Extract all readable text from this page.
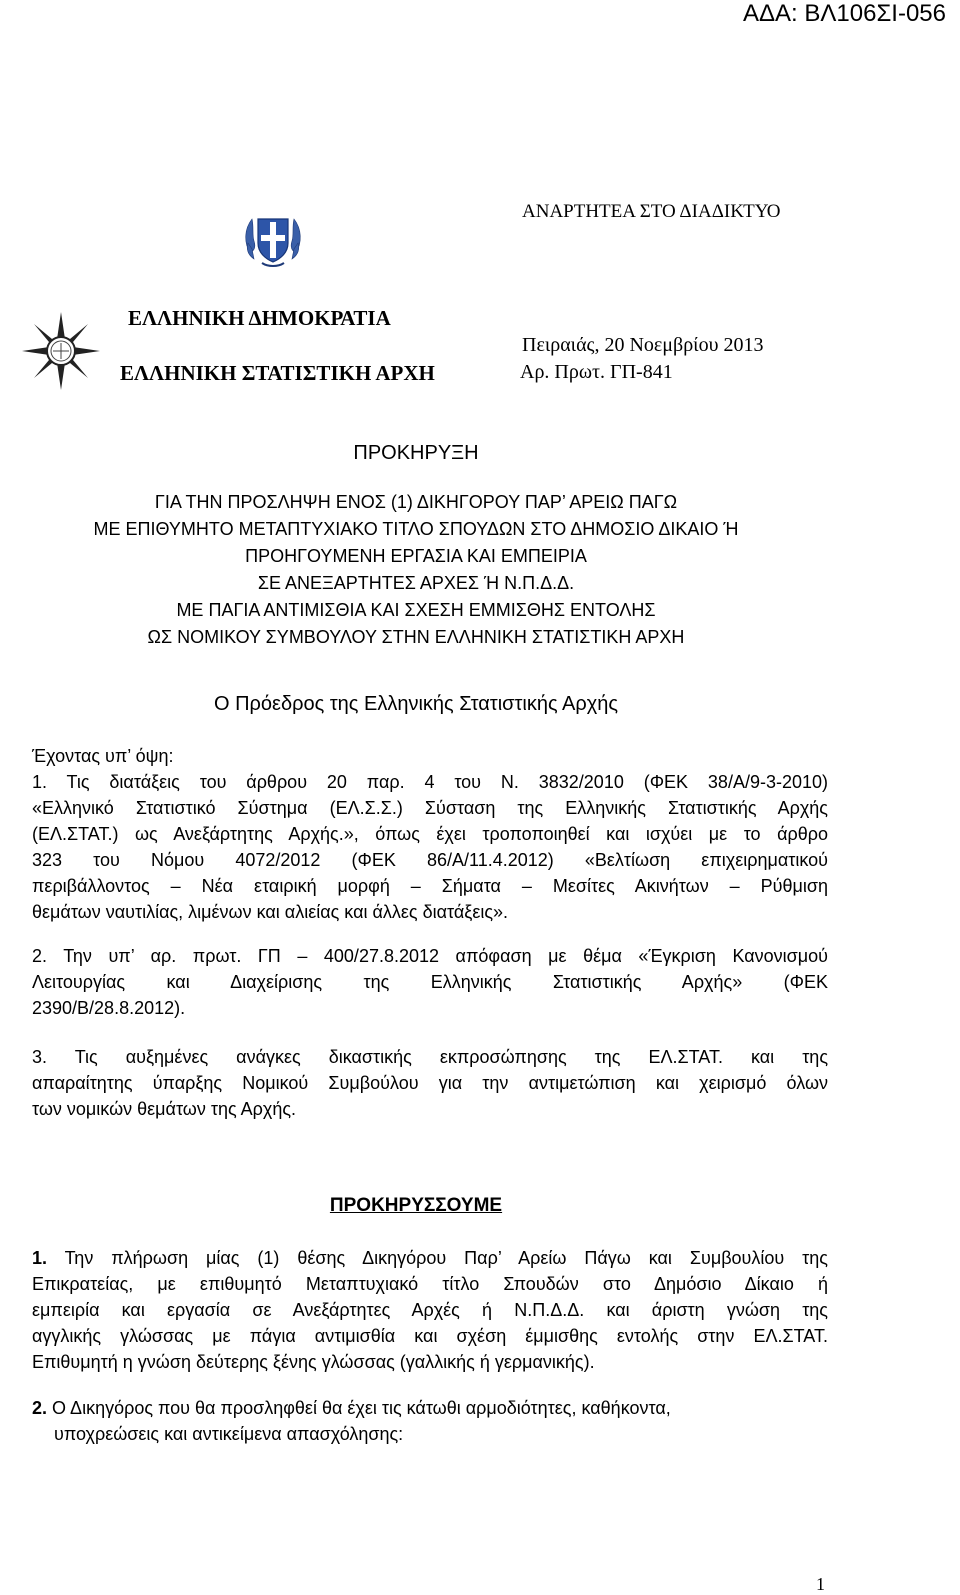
ΑΔΑ: ΒΛ106ΣΙ-056
ΑΝΑΡΤΗΤΕΑ ΣΤΟ ΔΙΑΔΙΚΤΥΟ
ΕΛΛΗΝΙΚΗ ΔΗΜΟΚΡΑΤΙΑ
ΕΛΛΗΝΙΚΗ ΣΤΑΤΙΣΤΙΚΗ ΑΡΧΗ
Πειραιάς, 20 Νοεμβρίου 2013
Αρ. Πρωτ. ΓΠ-841
ΠΡΟΚΗΡΥΞΗ
ΓΙΑ ΤΗΝ ΠΡΟΣΛΗΨΗ ΕΝΟΣ (1) ΔΙΚΗΓΟΡΟΥ ΠΑΡ’ ΑΡΕΙΩ ΠΑΓΩ
ΜΕ ΕΠΙΘΥΜΗΤΟ ΜΕΤΑΠΤΥΧΙΑΚΟ ΤΙΤΛΟ ΣΠΟΥΔΩΝ ΣΤΟ ΔΗΜΟΣΙΟ ΔΙΚΑΙΟ Ή
ΠΡΟΗΓΟΥΜΕΝΗ ΕΡΓΑΣΙΑ ΚΑΙ ΕΜΠΕΙΡΙΑ
ΣΕ ΑΝΕΞΑΡΤΗΤΕΣ ΑΡΧΕΣ Ή Ν.Π.Δ.Δ.
ΜΕ ΠΑΓΙΑ ΑΝΤΙΜΙΣΘΙΑ ΚΑΙ ΣΧΕΣΗ ΕΜΜΙΣΘΗΣ ΕΝΤΟΛΗΣ
ΩΣ ΝΟΜΙΚΟΥ ΣΥΜΒΟΥΛΟΥ ΣΤΗΝ ΕΛΛΗΝΙΚΗ ΣΤΑΤΙΣΤΙΚΗ ΑΡΧΗ
Ο Πρόεδρος της Ελληνικής Στατιστικής Αρχής
Έχοντας υπ’ όψη:
1. Τις διατάξεις του άρθρου 20 παρ. 4 του Ν. 3832/2010 (ΦΕΚ 38/Α/9-3-2010)
«Ελληνικό Στατιστικό Σύστημα (ΕΛ.Σ.Σ.) Σύσταση της Ελληνικής Στατιστικής Αρχής
(ΕΛ.ΣΤΑΤ.) ως Ανεξάρτητης Αρχής.», όπως έχει τροποποιηθεί και ισχύει με το άρθρο
323 του Νόμου 4072/2012 (ΦΕΚ 86/Α/11.4.2012) «Βελτίωση επιχειρηματικού
περιβάλλοντος – Νέα εταιρική μορφή – Σήματα – Μεσίτες Ακινήτων – Ρύθμιση
θεμάτων ναυτιλίας, λιμένων και αλιείας και άλλες διατάξεις».
2. Την υπ’ αρ. πρωτ. ΓΠ – 400/27.8.2012 απόφαση με θέμα «Έγκριση Κανονισμού
Λειτουργίας και Διαχείρισης της Ελληνικής Στατιστικής Αρχής» (ΦΕΚ
2390/Β/28.8.2012).
3. Τις αυξημένες ανάγκες δικαστικής εκπροσώπησης της ΕΛ.ΣΤΑΤ. και της
απαραίτητης ύπαρξης Νομικού Συμβούλου για την αντιμετώπιση και χειρισμό όλων
των νομικών θεμάτων της Αρχής.
ΠΡΟΚΗΡΥΣΣΟΥΜΕ
1. Την πλήρωση μίας (1) θέσης Δικηγόρου Παρ’ Αρείω Πάγω και Συμβουλίου της
Επικρατείας, με επιθυμητό Μεταπτυχιακό τίτλο Σπουδών στο Δημόσιο Δίκαιο ή
εμπειρία και εργασία σε Ανεξάρτητες Αρχές ή Ν.Π.Δ.Δ. και άριστη γνώση της
αγγλικής γλώσσας με πάγια αντιμισθία και σχέση έμμισθης εντολής στην ΕΛ.ΣΤΑΤ.
Επιθυμητή η γνώση δεύτερης ξένης γλώσσας (γαλλικής ή γερμανικής).
2. Ο Δικηγόρος που θα προσληφθεί θα έχει τις κάτωθι αρμοδιότητες, καθήκοντα,
υποχρεώσεις και αντικείμενα απασχόλησης:
1
